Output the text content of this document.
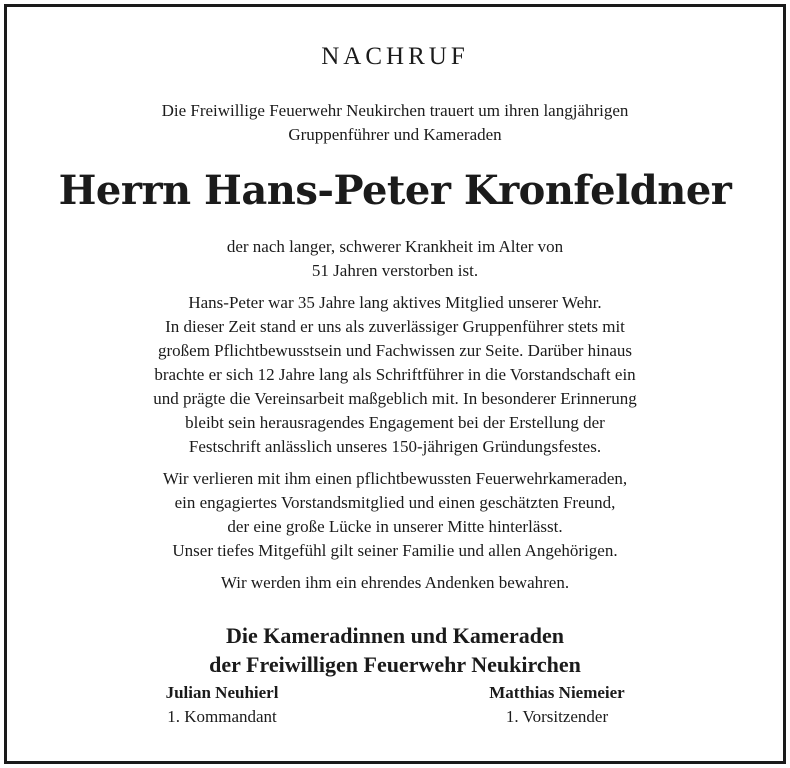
NACHRUF
Die Freiwillige Feuerwehr Neukirchen trauert um ihren langjährigen
Gruppenführer und Kameraden
Herrn Hans-Peter Kronfeldner
der nach langer, schwerer Krankheit im Alter von
51 Jahren verstorben ist.
Hans-Peter war 35 Jahre lang aktives Mitglied unserer Wehr.
In dieser Zeit stand er uns als zuverlässiger Gruppenführer stets mit
großem Pflichtbewusstsein und Fachwissen zur Seite. Darüber hinaus
brachte er sich 12 Jahre lang als Schriftführer in die Vorstandschaft ein
und prägte die Vereinsarbeit maßgeblich mit. In besonderer Erinnerung
bleibt sein herausragendes Engagement bei der Erstellung der
Festschrift anlässlich unseres 150-jährigen Gründungsfestes.
Wir verlieren mit ihm einen pflichtbewussten Feuerwehrkameraden,
ein engagiertes Vorstandsmitglied und einen geschätzten Freund,
der eine große Lücke in unserer Mitte hinterlässt.
Unser tiefes Mitgefühl gilt seiner Familie und allen Angehörigen.
Wir werden ihm ein ehrendes Andenken bewahren.
Die Kameradinnen und Kameraden
der Freiwilligen Feuerwehr Neukirchen
Julian Neuhierl
1. Kommandant
Matthias Niemeier
1. Vorsitzender
